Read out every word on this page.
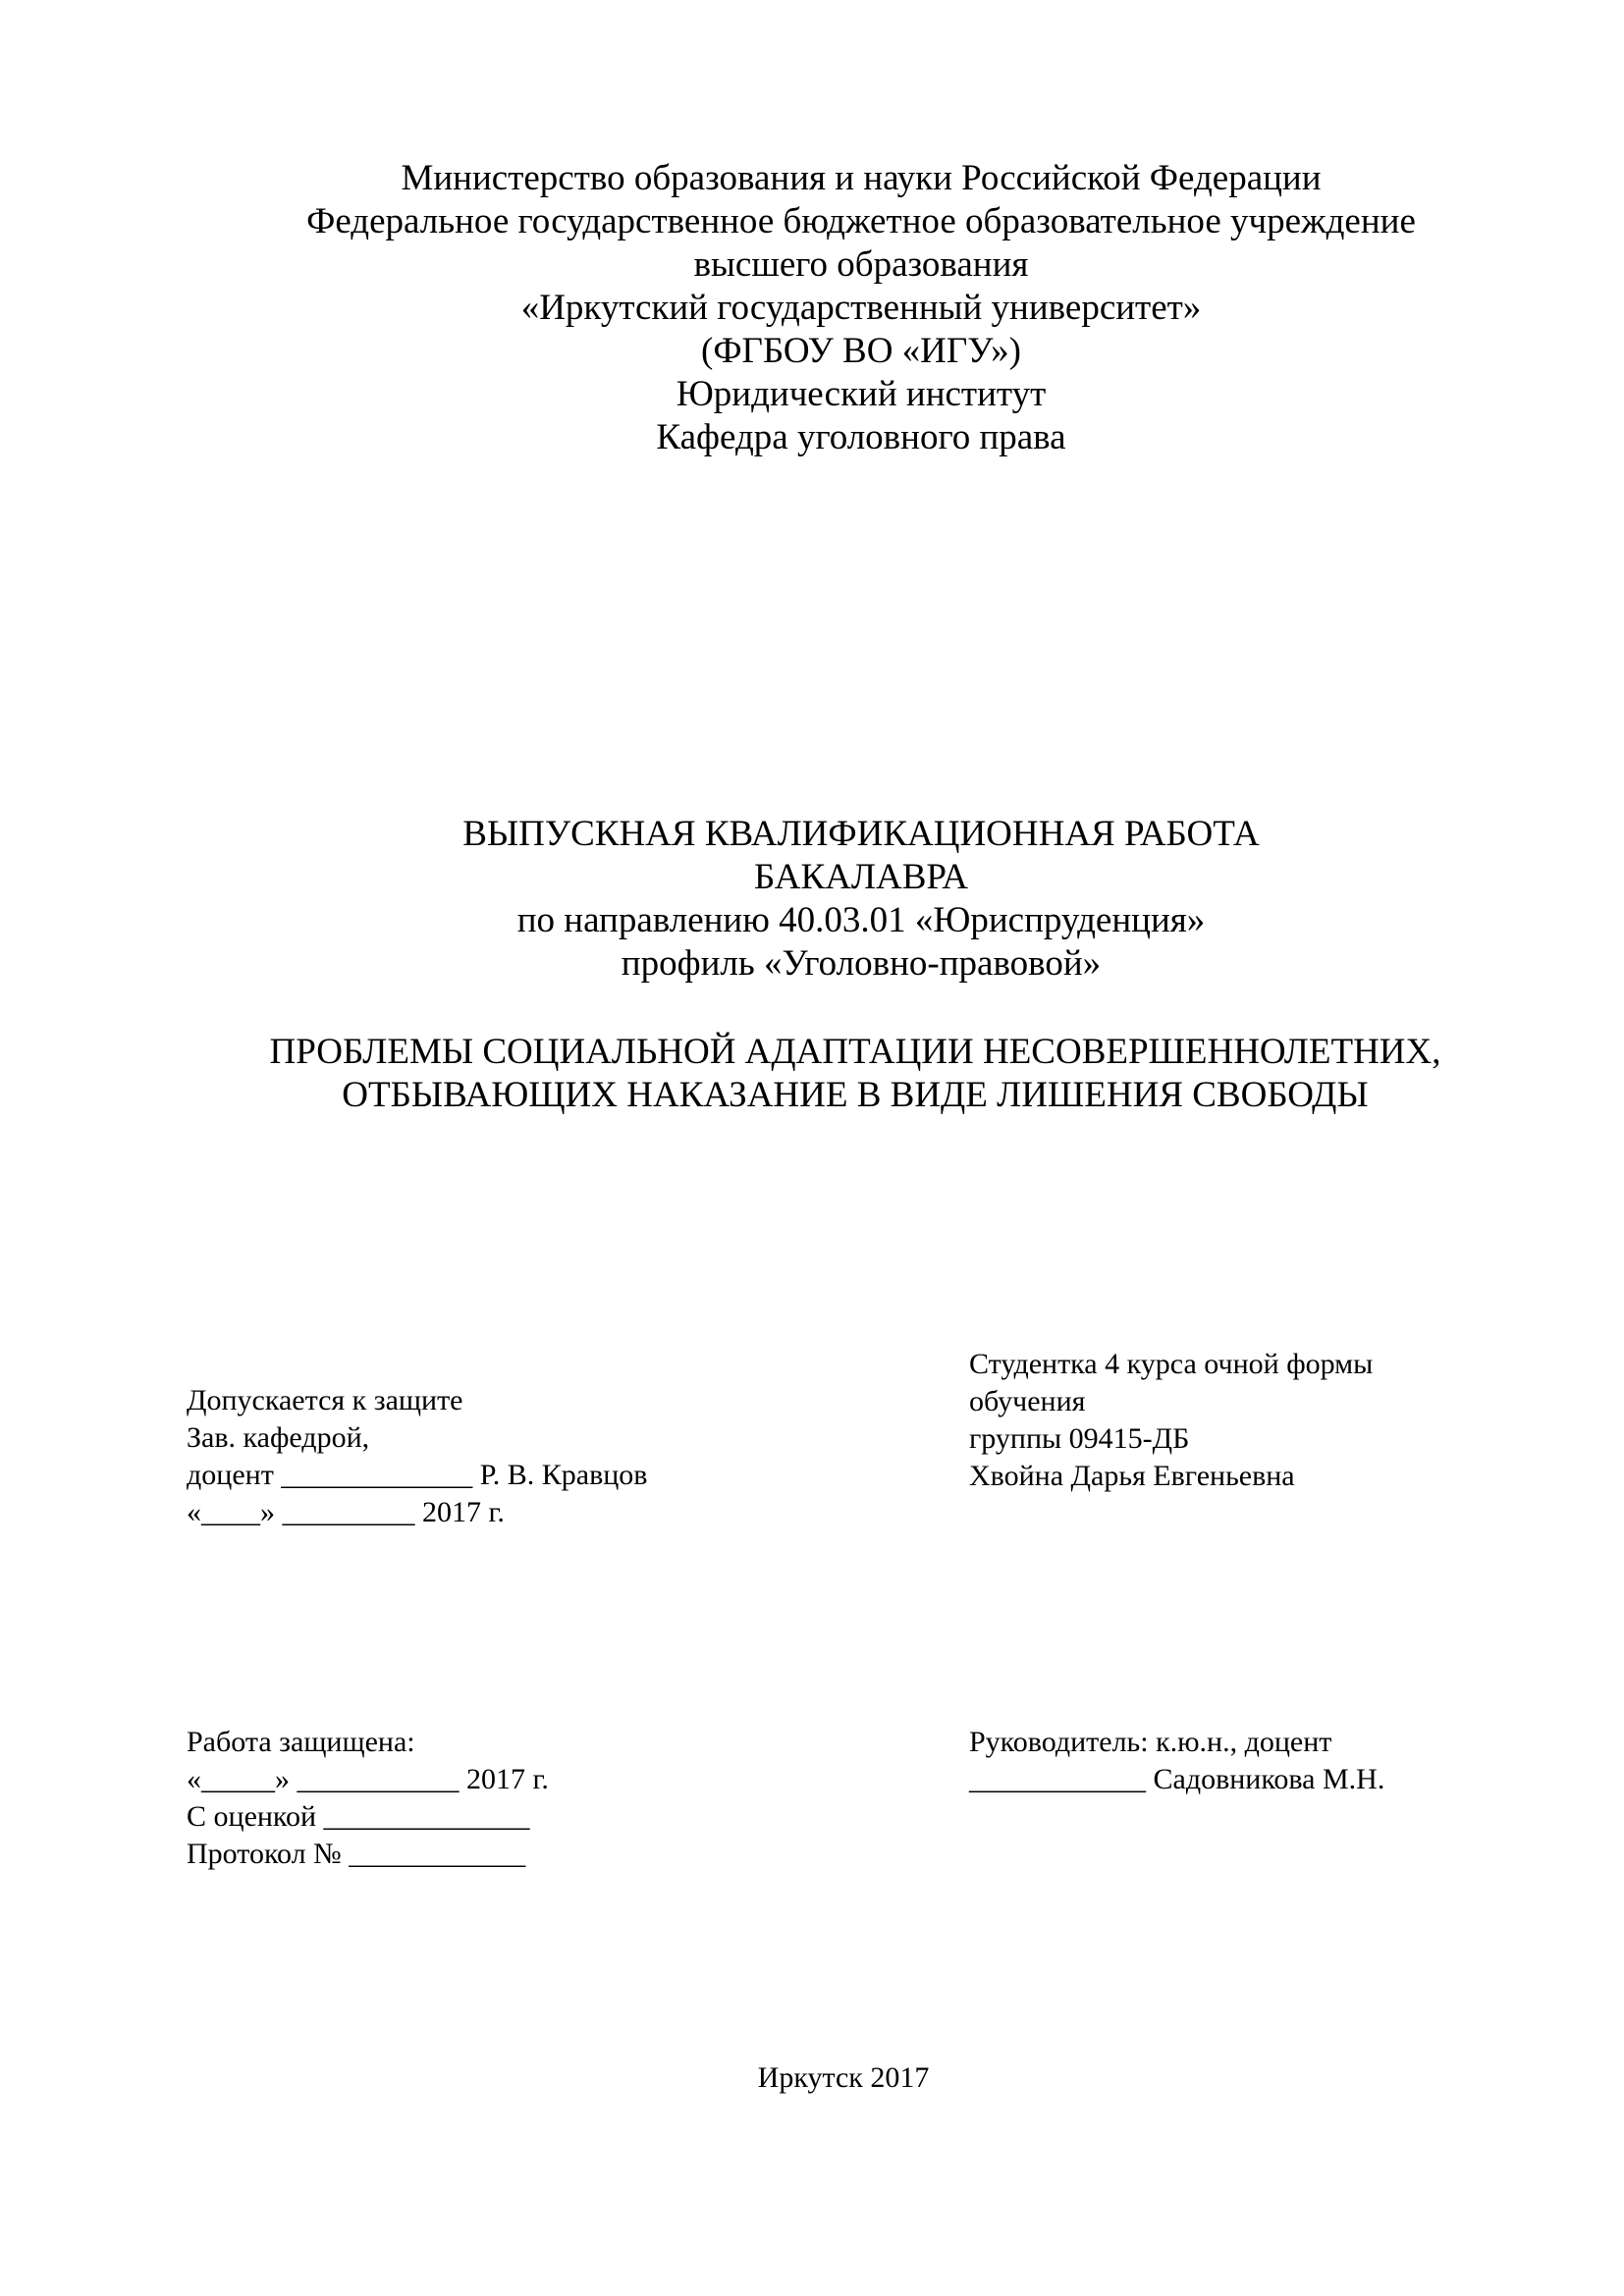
Министерство образования и науки Российской Федерации
Федеральное государственное бюджетное образовательное учреждение
высшего образования
«Иркутский государственный университет»
(ФГБОУ ВО «ИГУ»)
Юридический институт
Кафедра уголовного права
ВЫПУСКНАЯ КВАЛИФИКАЦИОННАЯ РАБОТА
БАКАЛАВРА
по направлению 40.03.01 «Юриспруденция»
профиль «Уголовно-правовой»
ПРОБЛЕМЫ СОЦИАЛЬНОЙ АДАПТАЦИИ НЕСОВЕРШЕННОЛЕТНИХ,
ОТБЫВАЮЩИХ НАКАЗАНИЕ В ВИДЕ ЛИШЕНИЯ СВОБОДЫ
Допускается к защите
Зав. кафедрой,
доцент _____________ Р. В. Кравцов
«____» _________ 2017 г.
Студентка 4 курса очной формы
обучения
группы 09415-ДБ
Хвойна Дарья Евгеньевна
Работа защищена:
«_____» ___________ 2017 г.
С оценкой ______________
Протокол № ____________
Руководитель: к.ю.н., доцент
____________ Садовникова М.Н.
Иркутск 2017
